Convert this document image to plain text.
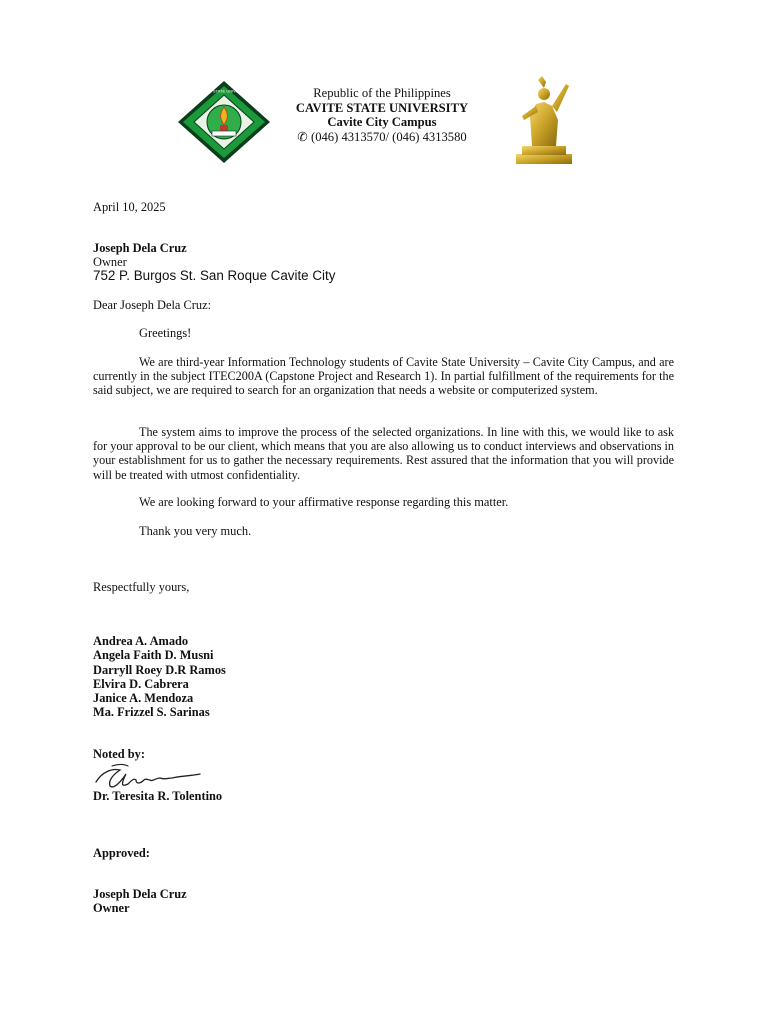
CAVITE STATE UNIVERSITY	Republic of the Philippines
CAVITE STATE UNIVERSITY
Cavite City Campus
✆ (046) 4313570/ (046) 4313580
April 10, 2025
Joseph Dela Cruz
Owner
752 P. Burgos St. San Roque Cavite City
Dear Joseph Dela Cruz:
Greetings!
We are third-year Information Technology students of Cavite State University – Cavite City Campus, and are currently in the subject ITEC200A (Capstone Project and Research 1). In partial fulfillment of the requirements for the said subject, we are required to search for an organization that needs a website or computerized system.
The system aims to improve the process of the selected organizations. In line with this, we would like to ask for your approval to be our client, which means that you are also allowing us to conduct interviews and observations in your establishment for us to gather the necessary requirements. Rest assured that the information that you will provide will be treated with utmost confidentiality.
We are looking forward to your affirmative response regarding this matter.
Thank you very much.
Respectfully yours,
Andrea A. Amado
Angela Faith D. Musni
Darryll Roey D.R Ramos
Elvira D. Cabrera
Janice A. Mendoza
Ma. Frizzel S. Sarinas
Noted by:
Dr. Teresita R. Tolentino
Approved:
Joseph Dela Cruz
Owner
